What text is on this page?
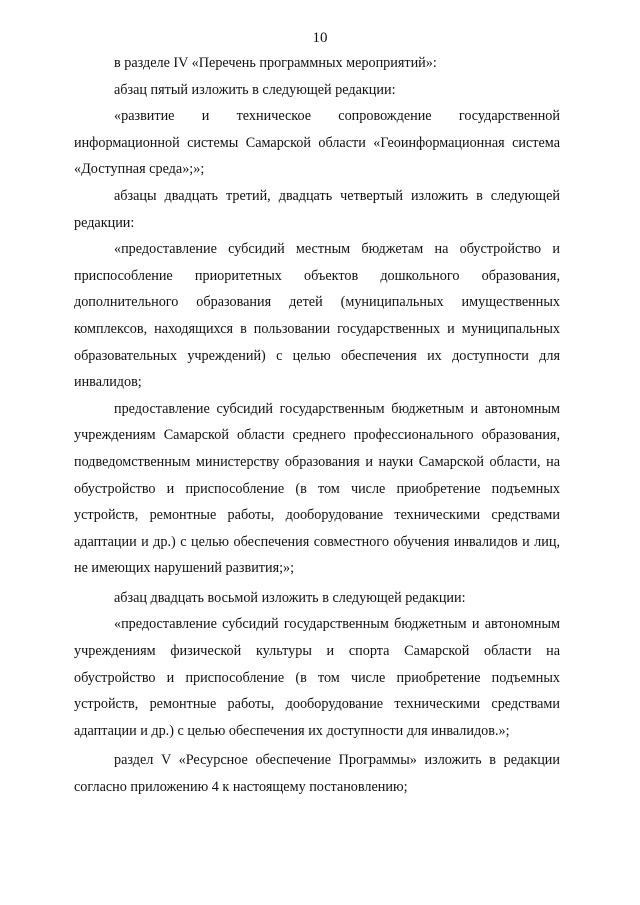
10

в разделе IV «Перечень программных мероприятий»:

абзац пятый изложить в следующей редакции:

«развитие и техническое сопровождение государственной информационной системы Самарской области «Геоинформационная система «Доступная среда»;»;

абзацы двадцать третий, двадцать четвертый изложить в следующей редакции:

«предоставление субсидий местным бюджетам на обустройство и приспособление приоритетных объектов дошкольного образования, дополнительного образования детей (муниципальных имущественных комплексов, находящихся в пользовании государственных и муниципальных образовательных учреждений) с целью обеспечения их доступности для инвалидов;

предоставление субсидий государственным бюджетным и автономным учреждениям Самарской области среднего профессионального образования, подведомственным министерству образования и науки Самарской области, на обустройство и приспособление (в том числе приобретение подъемных устройств, ремонтные работы, дооборудование техническими средствами адаптации и др.) с целью обеспечения совместного обучения инвалидов и лиц, не имеющих нарушений развития;»;

абзац двадцать восьмой изложить в следующей редакции:

«предоставление субсидий государственным бюджетным и автономным учреждениям физической культуры и спорта Самарской области на обустройство и приспособление (в том числе приобретение подъемных устройств, ремонтные работы, дооборудование техническими средствами адаптации и др.) с целью обеспечения их доступности для инвалидов.»;

раздел V «Ресурсное обеспечение Программы» изложить в редакции согласно приложению 4 к настоящему постановлению;
